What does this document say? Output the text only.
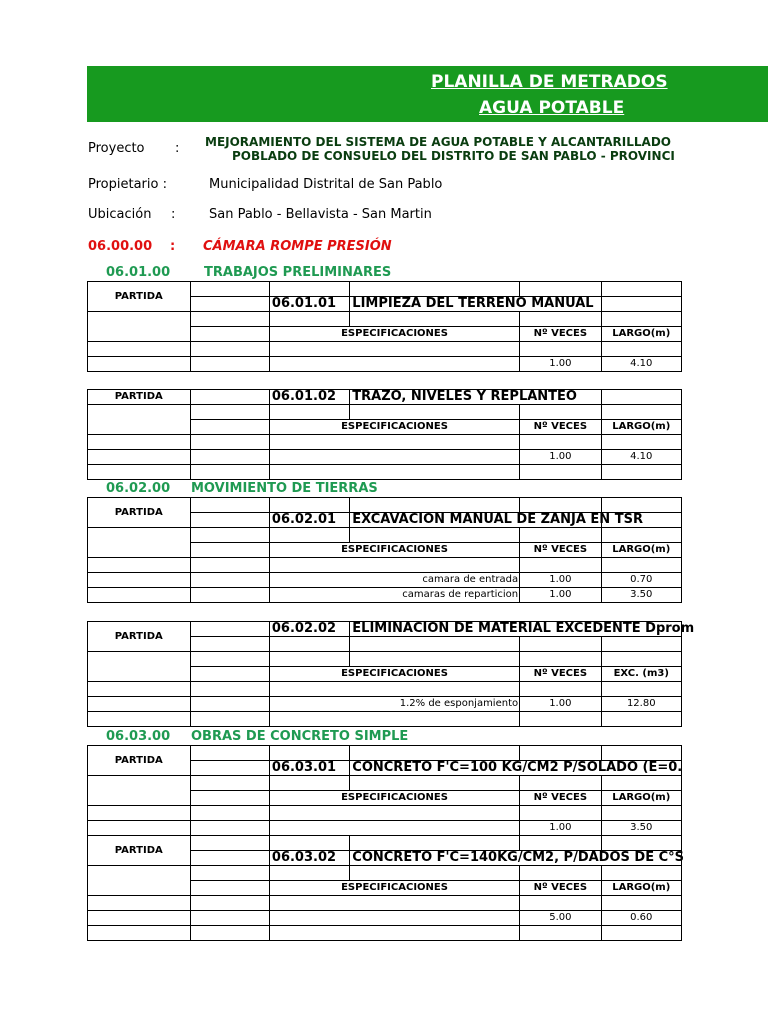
PLANILLA DE METRADOS
AGUA POTABLE
Proyecto : MEJORAMIENTO DEL SISTEMA DE AGUA POTABLE Y ALCANTARILLADO
POBLADO DE CONSUELO DEL DISTRITO DE SAN PABLO - PROVINCI
Propietario :	Municipalidad Distrital de San Pablo
Ubicación :	San Pablo - Bellavista - San Martin
06.00.00 : CÁMARA ROMPE PRESIÓN
06.01.00	TRABAJOS PRELIMINARES
PARTIDA					
		06.01.01	LIMPIEZA DEL TERRENO MANUAL		

		ESPECIFICACIONES		Nº VECES	LARGO(m)

				1.00	4.10
PARTIDA		06.01.02	TRAZO, NIVELES Y REPLANTEO		

		ESPECIFICACIONES		Nº VECES	LARGO(m)

				1.00	4.10

06.02.00 MOVIMIENTO DE TIERRAS
PARTIDA					
		06.02.01	EXCAVACION MANUAL DE ZANJA EN TSR		

		ESPECIFICACIONES		Nº VECES	LARGO(m)

		camara de entrada		1.00	0.70
		camaras de reparticion		1.00	3.50
PARTIDA		06.02.02	ELIMINACION DE MATERIAL EXCEDENTE Dprom		

		ESPECIFICACIONES		Nº VECES	EXC. (m3)

		1.2% de esponjamiento		1.00	12.80

06.03.00 OBRAS DE CONCRETO SIMPLE
PARTIDA					
		06.03.01	CONCRETO F'C=100 KG/CM2 P/SOLADO (E=0.		

		ESPECIFICACIONES		Nº VECES	LARGO(m)

				1.00	3.50
PARTIDA					
		06.03.02	CONCRETO F'C=140KG/CM2, P/DADOS DE C°S		

		ESPECIFICACIONES		Nº VECES	LARGO(m)

				5.00	0.60
